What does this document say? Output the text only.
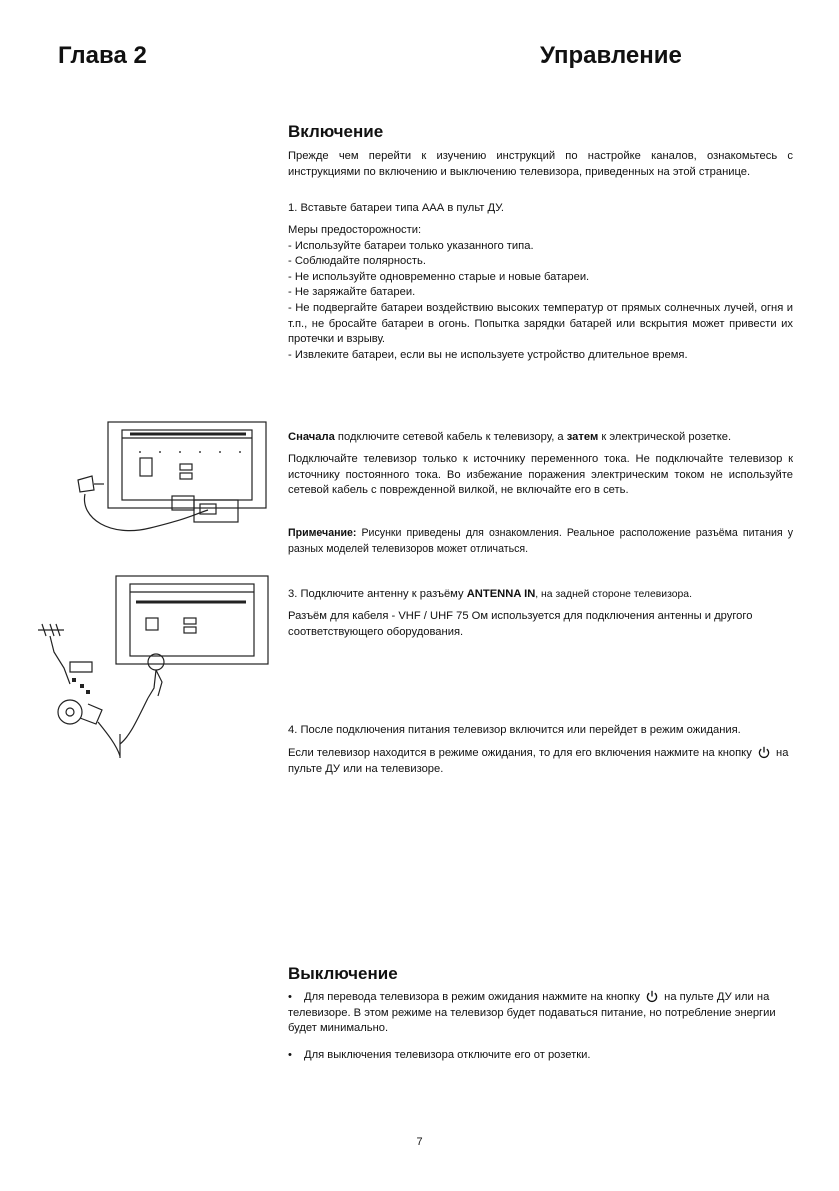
Глава 2	Управление
Включение
Прежде чем перейти к изучению инструкций по настройке каналов, ознакомьтесь с инструкциями по включению и выключению телевизора, приведенных на этой странице.
1. Вставьте батареи типа ААА в пульт ДУ.
Меры предосторожности:
- Используйте батареи только указанного типа.
- Соблюдайте полярность.
- Не используйте одновременно старые и новые батареи.
- Не заряжайте батареи.
- Не подвергайте батареи воздействию высоких температур от прямых солнечных лучей, огня и т.п., не бросайте батареи в огонь. Попытка зарядки батарей или вскрытия может привести их протечки и взрыву.
- Извлеките батареи, если вы не используете устройство длительное время.
Сначала подключите сетевой кабель к телевизору, а затем к электрической розетке.
Подключайте телевизор только к источнику переменного тока. Не подключайте телевизор к источнику постоянного тока. Во избежание поражения электрическим током не используйте сетевой кабель с поврежденной вилкой, не включайте его в сеть.
Примечание: Рисунки приведены для ознакомления. Реальное расположение разъёма питания у разных моделей телевизоров может отличаться.
3. Подключите антенну к разъёму ANTENNA IN, на задней стороне телевизора.
Разъём для кабеля - VHF / UHF 75 Ом используется для подключения антенны и другого соответствующего оборудования.
4. После подключения питания телевизор включится или перейдет в режим ожидания.
Если телевизор находится в режиме ожидания, то для его включения нажмите на кнопку на пульте ДУ или на телевизоре.
Выключение
• Для перевода телевизора в режим ожидания нажмите на кнопку на пульте ДУ или на телевизоре. В этом режиме на телевизор будет подаваться питание, но потребление энергии будет минимально.
• Для выключения телевизора отключите его от розетки.
7
